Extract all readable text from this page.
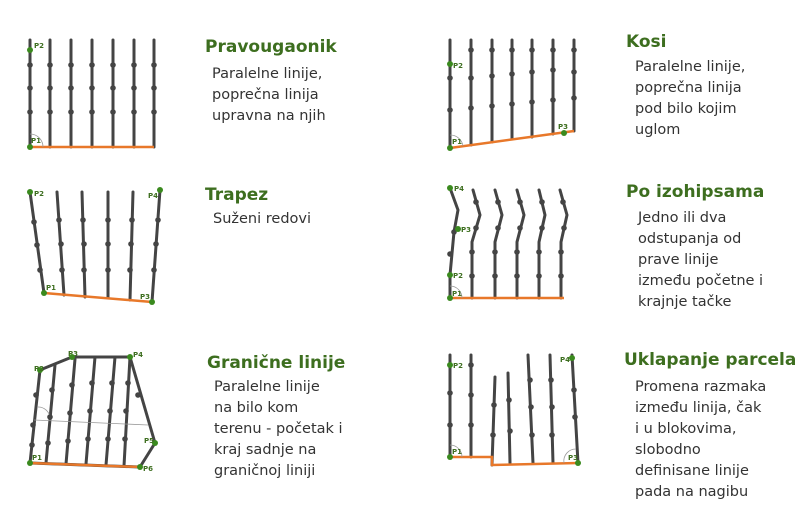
P2
P1
Pravougaonik
Paralelne linije,
poprečna linija
upravna na njih
P2
P1
P3
Kosi
Paralelne linije,
poprečna linija
pod bilo kojim
uglom
P2	P4
P1
P3
Trapez
Suženi redovi
P4
P3
P2
P1
Po izohipsama
Jedno ili dva
odstupanja od
prave linije
između početne i
krajnje tačke
P2
P3	P4
P5
P1
P6
Granične linije
Paralelne linije
na bilo kom
terenu - početak i
kraj sadnje na
graničnoj liniji
P2
P4
P1
P3
Uklapanje parcela
Promena razmaka
između linija, čak
i u blokovima,
slobodno
definisane linije
pada na nagibu
